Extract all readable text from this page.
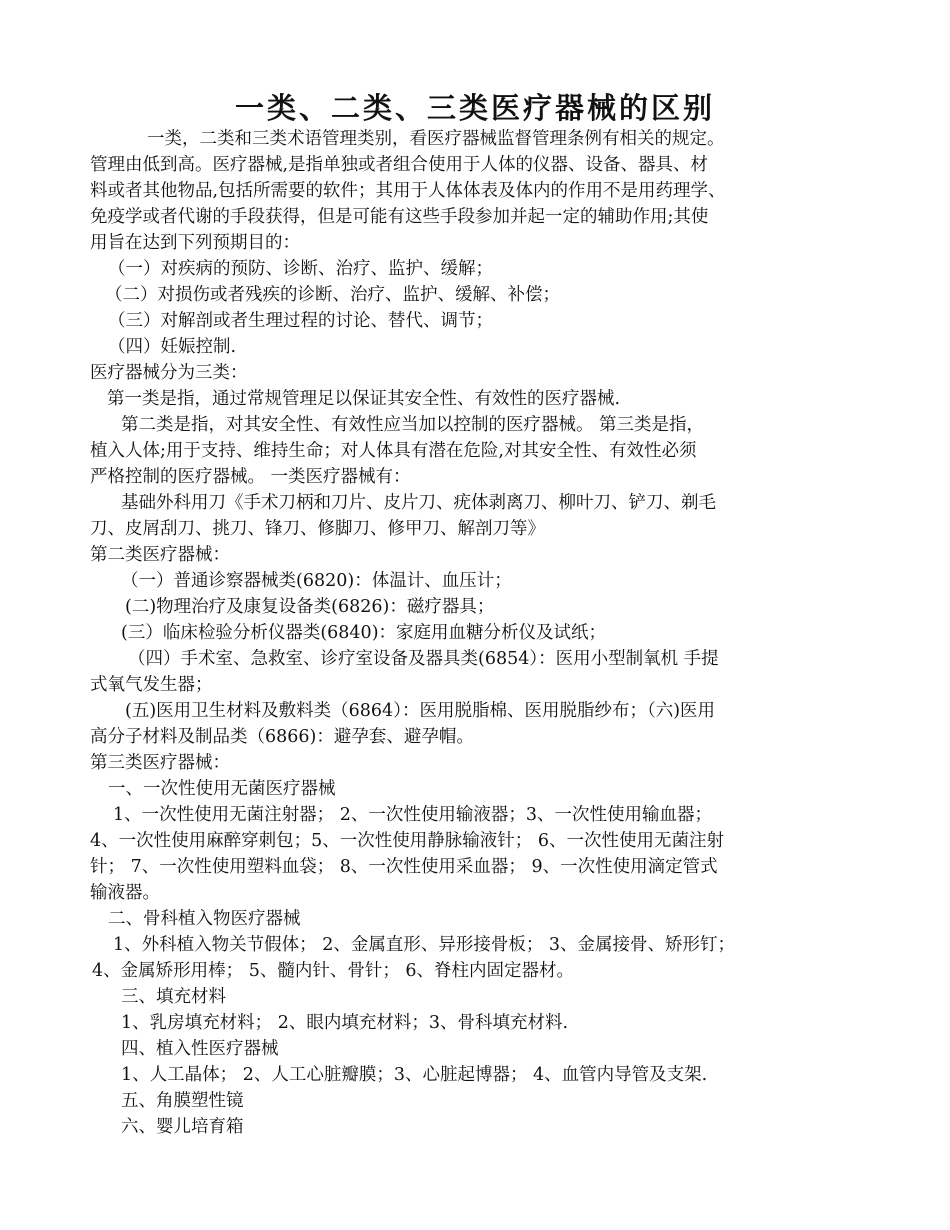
一类、二类、三类医疗器械的区别
一类，二类和三类术语管理类别，看医疗器械监督管理条例有相关的规定。
管理由低到高。医疗器械,是指单独或者组合使用于人体的仪器、设备、器具、材
料或者其他物品,包括所需要的软件；其用于人体体表及体内的作用不是用药理学、
免疫学或者代谢的手段获得，但是可能有这些手段参加并起一定的辅助作用;其使
用旨在达到下列预期目的：
（一）对疾病的预防、诊断、治疗、监护、缓解；
（二）对损伤或者残疾的诊断、治疗、监护、缓解、补偿；
（三）对解剖或者生理过程的讨论、替代、调节；
（四）妊娠控制.
医疗器械分为三类：
第一类是指，通过常规管理足以保证其安全性、有效性的医疗器械.
第二类是指，对其安全性、有效性应当加以控制的医疗器械。 第三类是指，
植入人体;用于支持、维持生命；对人体具有潜在危险,对其安全性、有效性必须
严格控制的医疗器械。 一类医疗器械有：
基础外科用刀《手术刀柄和刀片、皮片刀、疣体剥离刀、柳叶刀、铲刀、剃毛
刀、皮屑刮刀、挑刀、锋刀、修脚刀、修甲刀、解剖刀等》
第二类医疗器械：
（一）普通诊察器械类(6820)：体温计、血压计；
(二)物理治疗及康复设备类(6826)：磁疗器具；
(三）临床检验分析仪器类(6840)：家庭用血糖分析仪及试纸；
（四）手术室、急救室、诊疗室设备及器具类(6854）：医用小型制氧机 手提
式氧气发生器；
(五)医用卫生材料及敷料类（6864）：医用脱脂棉、医用脱脂纱布；（六)医用
高分子材料及制品类（6866)：避孕套、避孕帽。
第三类医疗器械：
一、一次性使用无菌医疗器械
1、一次性使用无菌注射器； 2、一次性使用输液器；3、一次性使用输血器；
4、一次性使用麻醉穿刺包；5、一次性使用静脉输液针； 6、一次性使用无菌注射
针； 7、一次性使用塑料血袋； 8、一次性使用采血器； 9、一次性使用滴定管式
输液器。
二、骨科植入物医疗器械
1、外科植入物关节假体； 2、金属直形、异形接骨板； 3、金属接骨、矫形钉；
4、金属矫形用棒； 5、髓内针、骨针； 6、脊柱内固定器材。
三、填充材料
1、乳房填充材料； 2、眼内填充材料；3、骨科填充材料.
四、植入性医疗器械
1、人工晶体； 2、人工心脏瓣膜；3、心脏起博器； 4、血管内导管及支架.
五、角膜塑性镜
六、婴儿培育箱
